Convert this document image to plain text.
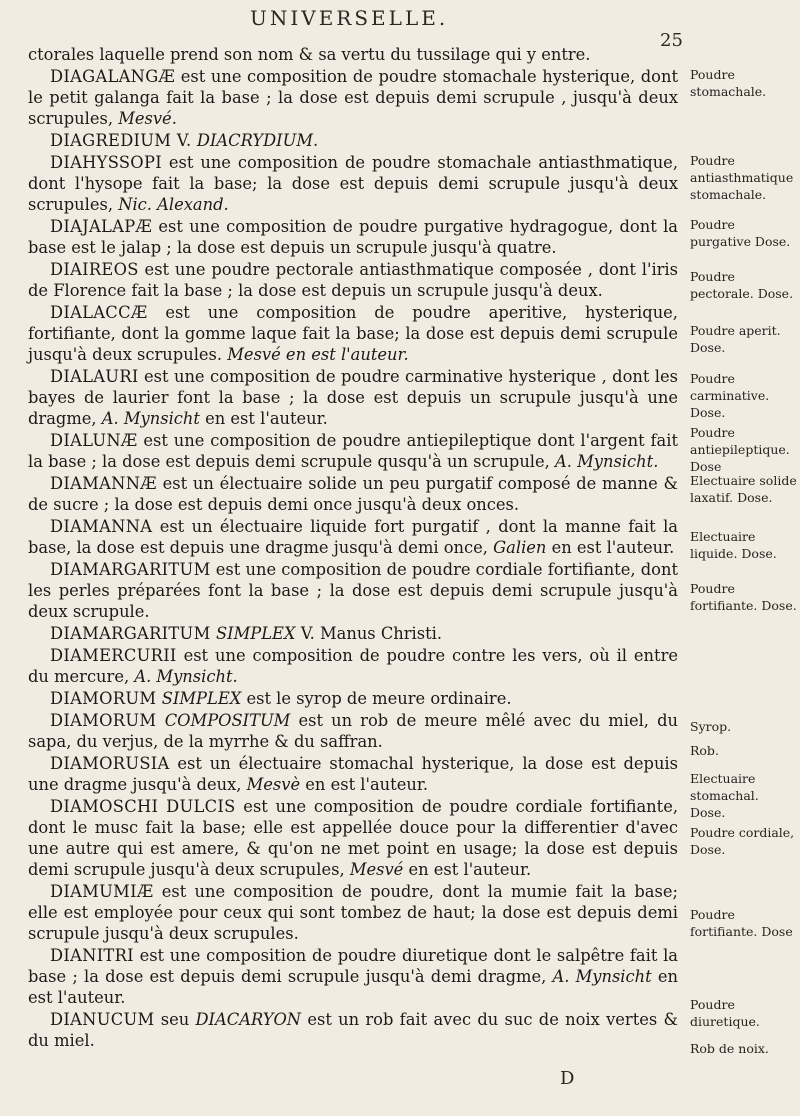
UNIVERSELLE.
25

ctorales laquelle prend son nom & sa vertu du tussilage qui y entre.

DIAGALANGÆ est une composition de poudre stomachale hysterique, dont le petit galanga fait la base ; la dose est depuis demi scrupule , jusqu'à deux scrupules, Mesvé.

DIAGREDIUM V. DIACRYDIUM.

DIAHYSSOPI est une composition de poudre stomachale antiasthmatique, dont l'hysope fait la base; la dose est depuis demi scrupule jusqu'à deux scrupules, Nic. Alexand.

DIAJALAPÆ est une composition de poudre purgative hydragogue, dont la base est le jalap ; la dose est depuis un scrupule jusqu'à quatre.

DIAIREOS est une poudre pectorale antiasthmatique composée , dont l'iris de Florence fait la base ; la dose est depuis un scrupule jusqu'à deux.

DIALACCÆ est une composition de poudre aperitive, hysterique, fortifiante, dont la gomme laque fait la base; la dose est depuis demi scrupule jusqu'à deux scrupules. Mesvé en est l'auteur.

DIALAURI est une composition de poudre carminative hysterique , dont les bayes de laurier font la base ; la dose est depuis un scrupule jusqu'à une dragme, A. Mynsicht en est l'auteur.

DIALUNÆ est une composition de poudre antiepileptique dont l'argent fait la base ; la dose est depuis demi scrupule qusqu'à un scrupule, A. Mynsicht.

DIAMANNÆ est un électuaire solide un peu purgatif composé de manne & de sucre ; la dose est depuis demi once jusqu'à deux onces.

DIAMANNA est un électuaire liquide fort purgatif , dont la manne fait la base, la dose est depuis une dragme jusqu'à demi once, Galien en est l'auteur.

DIAMARGARITUM est une composition de poudre cordiale fortifiante, dont les perles préparées font la base ; la dose est depuis demi scrupule jusqu'à deux scrupule.

DIAMARGARITUM SIMPLEX V. Manus Christi.

DIAMERCURII est une composition de poudre contre les vers, où il entre du mercure, A. Mynsicht.

DIAMORUM SIMPLEX est le syrop de meure ordinaire.

DIAMORUM COMPOSITUM est un rob de meure mêlé avec du miel, du sapa, du verjus, de la myrrhe & du saffran.

DIAMORUSIA est un électuaire stomachal hysterique, la dose est depuis une dragme jusqu'à deux, Mesvè en est l'auteur.

DIAMOSCHI DULCIS est une composition de poudre cordiale fortifiante, dont le musc fait la base; elle est appellée douce pour la differentier d'avec une autre qui est amere, & qu'on ne met point en usage; la dose est depuis demi scrupule jusqu'à deux scrupules, Mesvé en est l'auteur.

DIAMUMIÆ est une composition de poudre, dont la mumie fait la base; elle est employée pour ceux qui sont tombez de haut; la dose est depuis demi scrupule jusqu'à deux scrupules.

DIANITRI est une composition de poudre diuretique dont le salpêtre fait la base ; la dose est depuis demi scrupule jusqu'à demi dragme, A. Mynsicht en est l'auteur.

DIANUCUM seu DIACARYON est un rob fait avec du suc de noix vertes & du miel.

Poudre stomachale.
Poudre antiasthmatique stomachale.
Poudre purgative Dose.
Poudre pectorale. Dose.
Poudre aperit. Dose.
Poudre carminative. Dose.
Poudre antiepileptique. Dose
Electuaire solide laxatif. Dose.
Electuaire liquide. Dose.
Poudre fortifiante. Dose.
Syrop.
Rob.
Electuaire stomachal. Dose.
Poudre cordiale, Dose.
Poudre fortifiante. Dose
Poudre diuretique.
Rob de noix.
D
